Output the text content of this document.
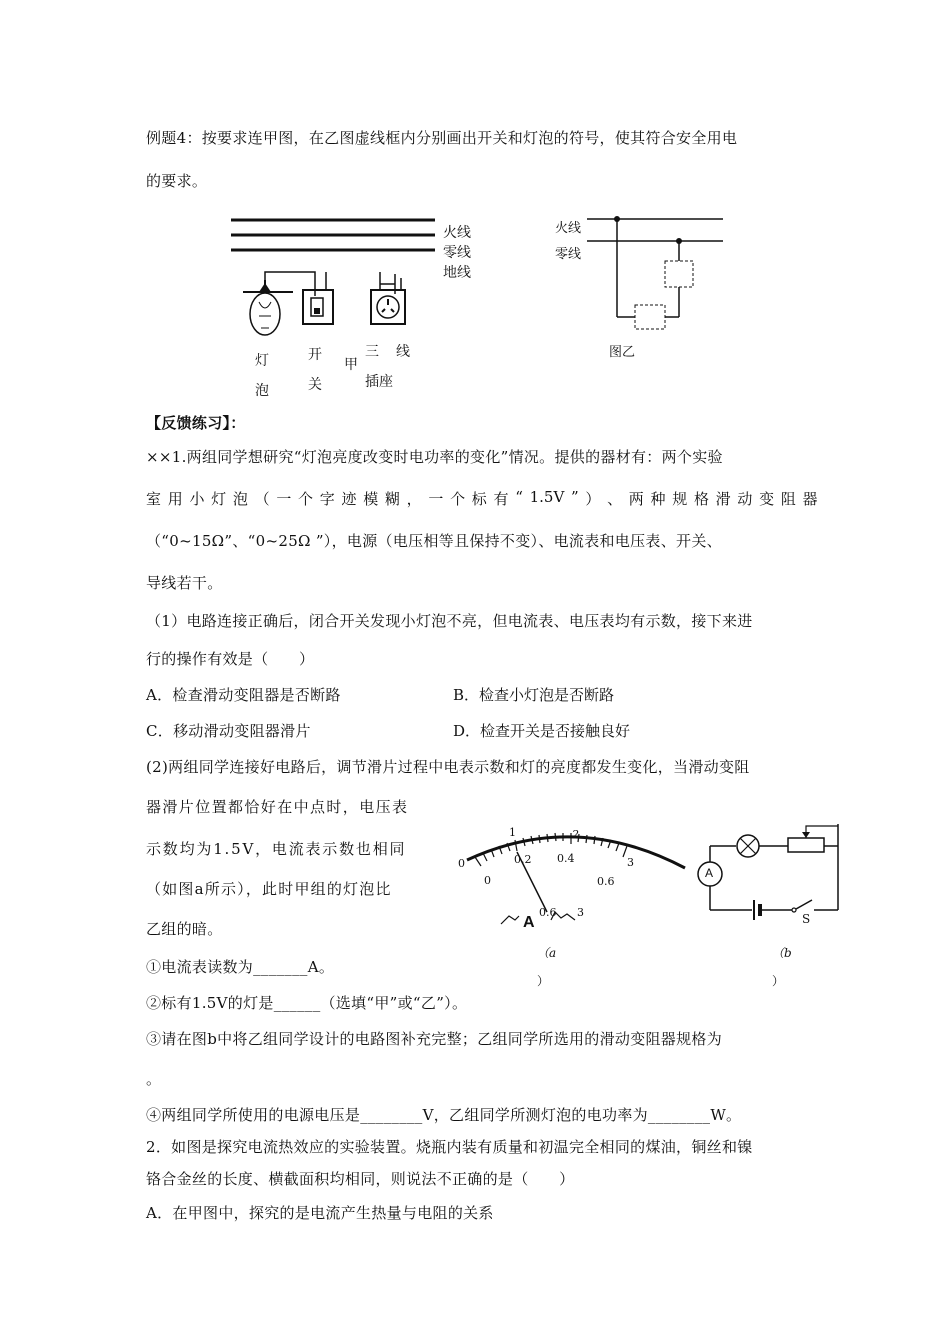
例题4：按要求连甲图，在乙图虚线框内分别画出开关和灯泡的符号，使其符合安全用电
的要求。
火线
零线
地线
灯
泡
开
关
甲
三 线
插座
火线
零线
图乙
【反馈练习】：
××1.两组同学想研究“灯泡亮度改变时电功率的变化”情况。提供的器材有：两个实验
室 用 小 灯 泡 （ 一 个 字 迹 模 糊 ， 一 个 标 有 “ 1.5V ” ） 、 两 种 规 格 滑 动 变 阻 器
（“0~15Ω”、“0~25Ω ”），电源（电压相等且保持不变）、电流表和电压表、开关、
导线若干。
（1）电路连接正确后，闭合开关发现小灯泡不亮，但电流表、电压表均有示数，接下来进
行的操作有效是（　　）
A．检查滑动变阻器是否断路	B．检查小灯泡是否断路
C．移动滑动变阻器滑片	D．检查开关是否接触良好
(2)两组同学连接好电路后，调节滑片过程中电表示数和灯的亮度都发生变化，当滑动变阻
器滑片位置都恰好在中点时，电压表
示数均为1.5V，电流表示数也相同
（如图a所示），此时甲组的灯泡比
乙组的暗。
0
1	2
3
0
0.2 0.4
0.6
A
0.6 3
（a
）
A
S
（b
）
①电流表读数为_______A。
②标有1.5V的灯是______（选填“甲”或“乙”）。
③请在图b中将乙组同学设计的电路图补充完整；乙组同学所选用的滑动变阻器规格为
。
④两组同学所使用的电源电压是________V，乙组同学所测灯泡的电功率为________W。
2．如图是探究电流热效应的实验装置。烧瓶内装有质量和初温完全相同的煤油，铜丝和镍
铬合金丝的长度、横截面积均相同，则说法不正确的是（　　）
A．在甲图中，探究的是电流产生热量与电阻的关系
